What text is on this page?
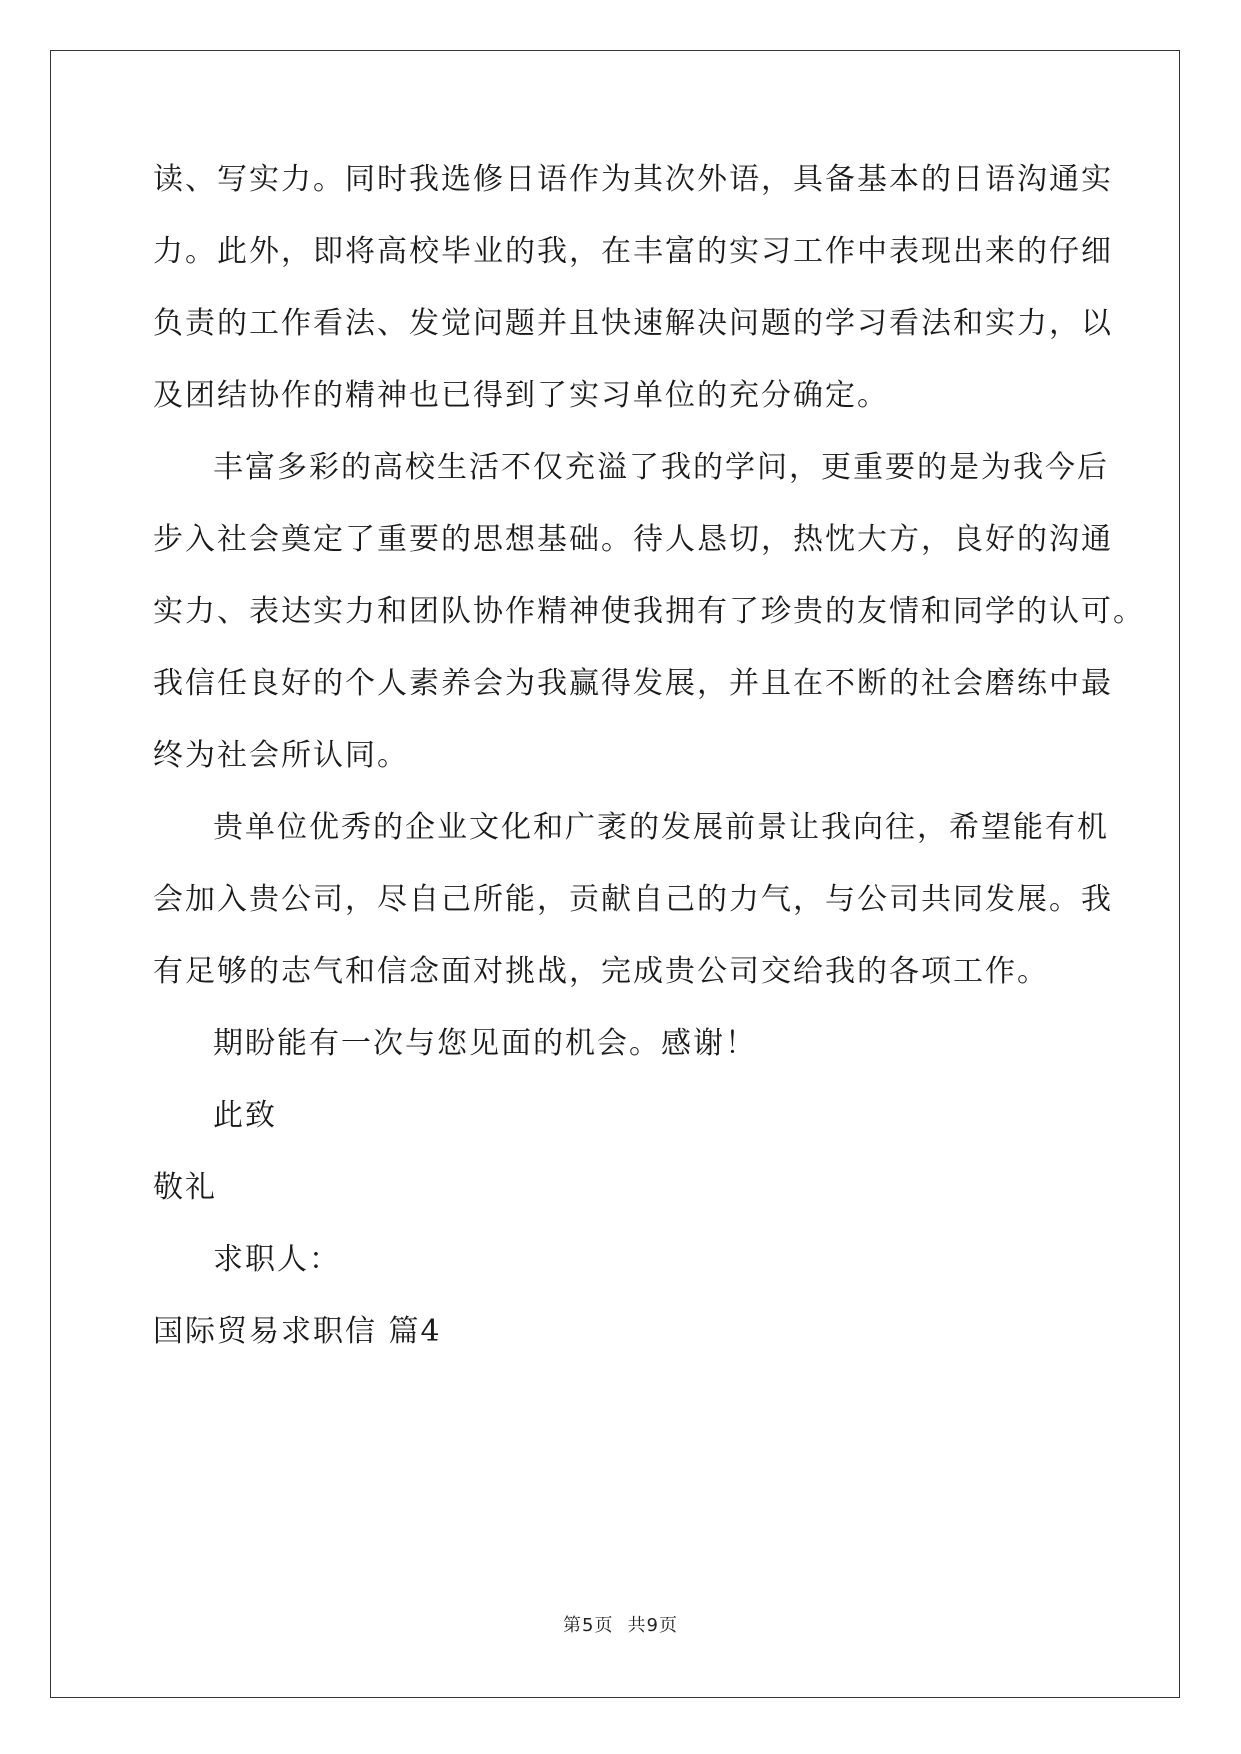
读、写实力。同时我选修日语作为其次外语，具备基本的日语沟通实
力。此外，即将高校毕业的我，在丰富的实习工作中表现出来的仔细
负责的工作看法、发觉问题并且快速解决问题的学习看法和实力，以
及团结协作的精神也已得到了实习单位的充分确定。
丰富多彩的高校生活不仅充溢了我的学问，更重要的是为我今后
步入社会奠定了重要的思想基础。待人恳切，热忱大方，良好的沟通
实力、表达实力和团队协作精神使我拥有了珍贵的友情和同学的认可。
我信任良好的个人素养会为我赢得发展，并且在不断的社会磨练中最
终为社会所认同。
贵单位优秀的企业文化和广袤的发展前景让我向往，希望能有机
会加入贵公司，尽自己所能，贡献自己的力气，与公司共同发展。我
有足够的志气和信念面对挑战，完成贵公司交给我的各项工作。
期盼能有一次与您见面的机会。感谢！
此致
敬礼
求职人：
国际贸易求职信 篇4
第5页 共9页
